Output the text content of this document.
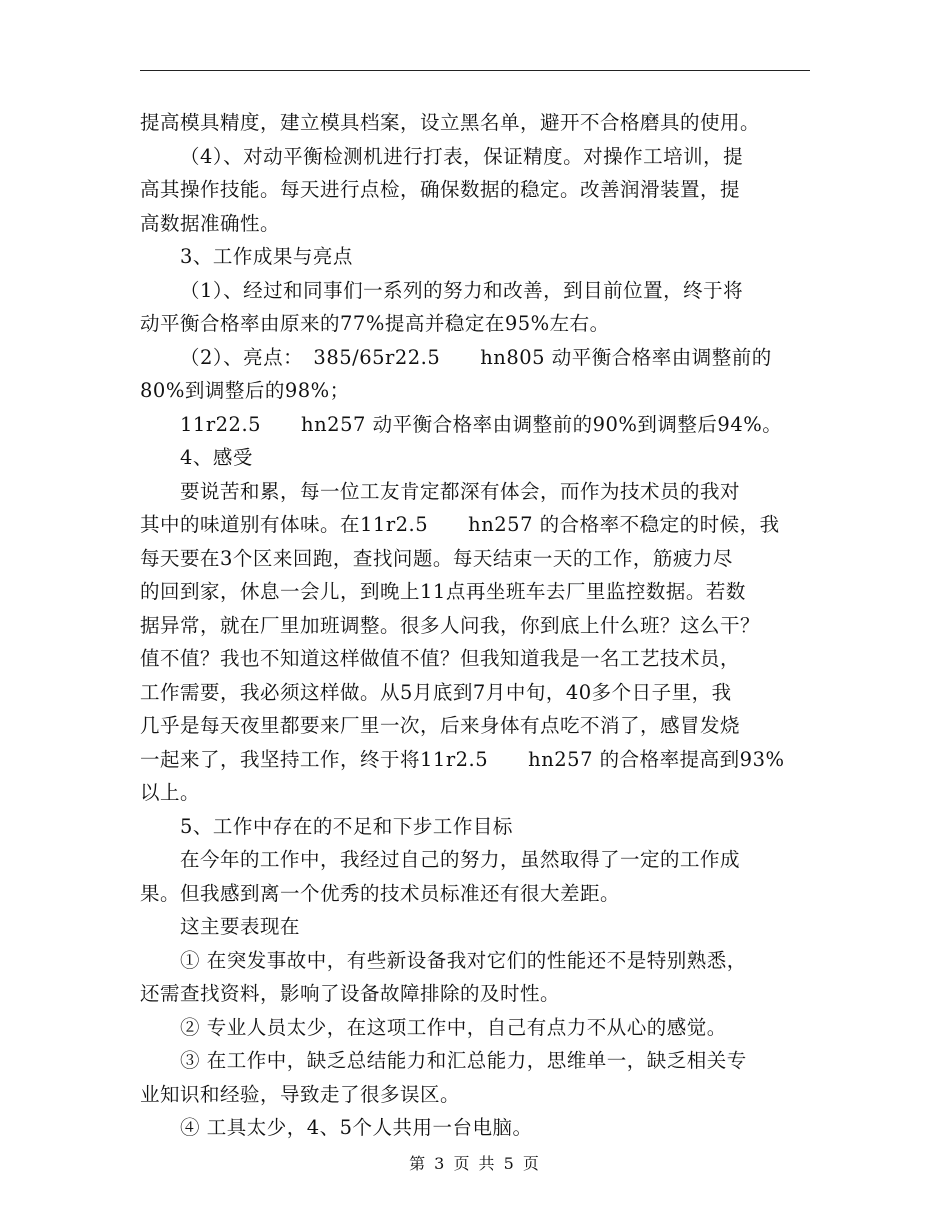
提高模具精度，建立模具档案，设立黑名单，避开不合格磨具的使用。
（4）、对动平衡检测机进行打表，保证精度。对操作工培训，提
高其操作技能。每天进行点检，确保数据的稳定。改善润滑装置，提
高数据准确性。
3、工作成果与亮点
（1）、经过和同事们一系列的努力和改善，到目前位置，终于将
动平衡合格率由原来的77%提高并稳定在95%左右。
（2）、亮点：　385/65r22.5　　hn805 动平衡合格率由调整前的
80%到调整后的98%；
11r22.5　　hn257 动平衡合格率由调整前的90%到调整后94%。
4、感受
要说苦和累，每一位工友肯定都深有体会，而作为技术员的我对
其中的味道别有体味。在11r2.5　　hn257 的合格率不稳定的时候，我
每天要在3个区来回跑，查找问题。每天结束一天的工作，筋疲力尽
的回到家，休息一会儿，到晚上11点再坐班车去厂里监控数据。若数
据异常，就在厂里加班调整。很多人问我，你到底上什么班？这么干？
值不值？我也不知道这样做值不值？但我知道我是一名工艺技术员，
工作需要，我必须这样做。从5月底到7月中旬，40多个日子里，我
几乎是每天夜里都要来厂里一次，后来身体有点吃不消了，感冒发烧
一起来了，我坚持工作，终于将11r2.5　　hn257 的合格率提高到93%
以上。
5、工作中存在的不足和下步工作目标
在今年的工作中，我经过自己的努力，虽然取得了一定的工作成
果。但我感到离一个优秀的技术员标准还有很大差距。
这主要表现在
① 在突发事故中，有些新设备我对它们的性能还不是特别熟悉，
还需查找资料，影响了设备故障排除的及时性。
② 专业人员太少，在这项工作中，自己有点力不从心的感觉。
③ 在工作中，缺乏总结能力和汇总能力，思维单一，缺乏相关专
业知识和经验，导致走了很多误区。
④ 工具太少，4、5个人共用一台电脑。
第 3 页 共 5 页
